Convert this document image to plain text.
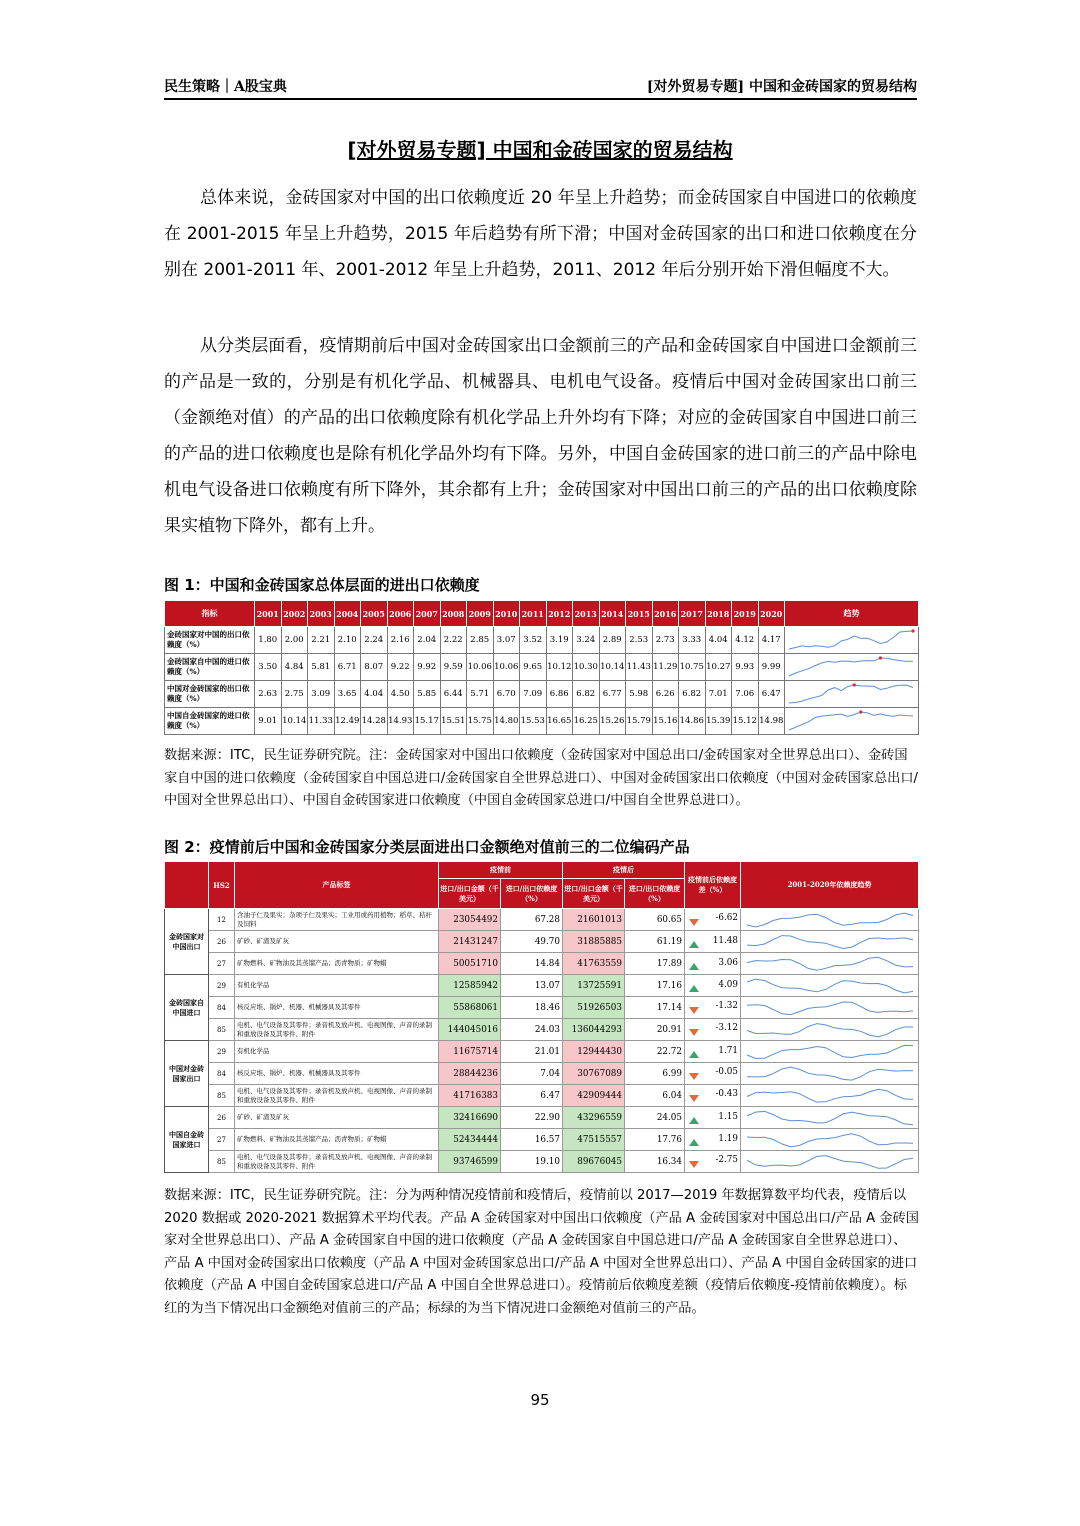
民生策略｜A股宝典	[对外贸易专题] 中国和金砖国家的贸易结构
[对外贸易专题] 中国和金砖国家的贸易结构
总体来说，金砖国家对中国的出口依赖度近 20 年呈上升趋势；而金砖国家自中国进口的依赖度在 2001-2015 年呈上升趋势，2015 年后趋势有所下滑；中国对金砖国家的出口和进口依赖度在分别在 2001-2011 年、2001-2012 年呈上升趋势，2011、2012 年后分别开始下滑但幅度不大。
从分类层面看，疫情期前后中国对金砖国家出口金额前三的产品和金砖国家自中国进口金额前三的产品是一致的，分别是有机化学品、机械器具、电机电气设备。疫情后中国对金砖国家出口前三（金额绝对值）的产品的出口依赖度除有机化学品上升外均有下降；对应的金砖国家自中国进口前三的产品的进口依赖度也是除有机化学品外均有下降。另外，中国自金砖国家的进口前三的产品中除电机电气设备进口依赖度有所下降外，其余都有上升；金砖国家对中国出口前三的产品的出口依赖度除果实植物下降外，都有上升。
图 1：中国和金砖国家总体层面的进出口依赖度
指标	2001	2002	2003	2004	2005	2006	2007	2008	2009	2010	2011	2012	2013	2014	2015	2016	2017	2018	2019	2020	趋势
金砖国家对中国的出口依赖度（%）	1.80	2.00	2.21	2.10	2.24	2.16	2.04	2.22	2.85	3.07	3.52	3.19	3.24	2.89	2.53	2.73	3.33	4.04	4.12	4.17	

金砖国家自中国的进口依赖度（%）	3.50	4.84	5.81	6.71	8.07	9.22	9.92	9.59	10.06	10.06	9.65	10.12	10.30	10.14	11.43	11.29	10.75	10.27	9.93	9.99	

中国对金砖国家的出口依赖度（%）	2.63	2.75	3.09	3.65	4.04	4.50	5.85	6.44	5.71	6.70	7.09	6.86	6.82	6.77	5.98	6.26	6.82	7.01	7.06	6.47	

中国自金砖国家的进口依赖度（%）	9.01	10.14	11.33	12.49	14.28	14.93	15.17	15.51	15.75	14.80	15.53	16.65	16.25	15.26	15.79	15.16	14.86	15.39	15.12	14.98	
数据来源：ITC，民生证券研究院。注：金砖国家对中国出口依赖度（金砖国家对中国总出口/金砖国家对全世界总出口）、金砖国家自中国的进口依赖度（金砖国家自中国总进口/金砖国家自全世界总进口）、中国对金砖国家出口依赖度（中国对金砖国家总出口/中国对全世界总出口）、中国自金砖国家进口依赖度（中国自金砖国家总进口/中国自全世界总进口）。
图 2：疫情前后中国和金砖国家分类层面进出口金额绝对值前三的二位编码产品
	HS2	产品标签	疫情前		疫情后		疫情前后依赖度差（%）	2001-2020年依赖度趋势
			进口/出口金额（千美元）	进口/出口依赖度（%）	进口/出口金额（千美元）	进口/出口依赖度（%）		
金砖国家对中国出口	12	含油子仁及果实；杂项子仁及果实；工业用或药用植物；稻草、秸秆及饲料	23054492	67.28	21601013	60.65	-6.62	

	26	矿砂、矿渣及矿灰	21431247	49.70	31885885	61.19	11.48	

	27	矿物燃料、矿物油及其蒸馏产品；沥青物质；矿物蜡	50051710	14.84	41763559	17.89	3.06	

金砖国家自中国进口	29	有机化学品	12585942	13.07	13725591	17.16	4.09	

	84	核反应堆、锅炉、机器、机械器具及其零件	55868061	18.46	51926503	17.14	-1.32	

	85	电机、电气设备及其零件；录音机及放声机、电视图像、声音的录制和重放设备及其零件、附件	144045016	24.03	136044293	20.91	-3.12	

中国对金砖国家出口	29	有机化学品	11675714	21.01	12944430	22.72	1.71	

	84	核反应堆、锅炉、机器、机械器具及其零件	28844236	7.04	30767089	6.99	-0.05	

	85	电机、电气设备及其零件；录音机及放声机、电视图像、声音的录制和重放设备及其零件、附件	41716383	6.47	42909444	6.04	-0.43	

中国自金砖国家进口	26	矿砂、矿渣及矿灰	32416690	22.90	43296559	24.05	1.15	

	27	矿物燃料、矿物油及其蒸馏产品；沥青物质；矿物蜡	52434444	16.57	47515557	17.76	1.19	

	85	电机、电气设备及其零件；录音机及放声机、电视图像、声音的录制和重放设备及其零件、附件	93746599	19.10	89676045	16.34	-2.75	
数据来源：ITC，民生证券研究院。注：分为两种情况疫情前和疫情后，疫情前以 2017—2019 年数据算数平均代表，疫情后以 2020 数据或 2020-2021 数据算术平均代表。产品 A 金砖国家对中国出口依赖度（产品 A 金砖国家对中国总出口/产品 A 金砖国家对全世界总出口）、产品 A 金砖国家自中国的进口依赖度（产品 A 金砖国家自中国总进口/产品 A 金砖国家自全世界总进口）、产品 A 中国对金砖国家出口依赖度（产品 A 中国对金砖国家总出口/产品 A 中国对全世界总出口）、产品 A 中国自金砖国家的进口依赖度（产品 A 中国自金砖国家总进口/产品 A 中国自全世界总进口）。疫情前后依赖度差额（疫情后依赖度-疫情前依赖度）。标红的为当下情况出口金额绝对值前三的产品；标绿的为当下情况进口金额绝对值前三的产品。
95
